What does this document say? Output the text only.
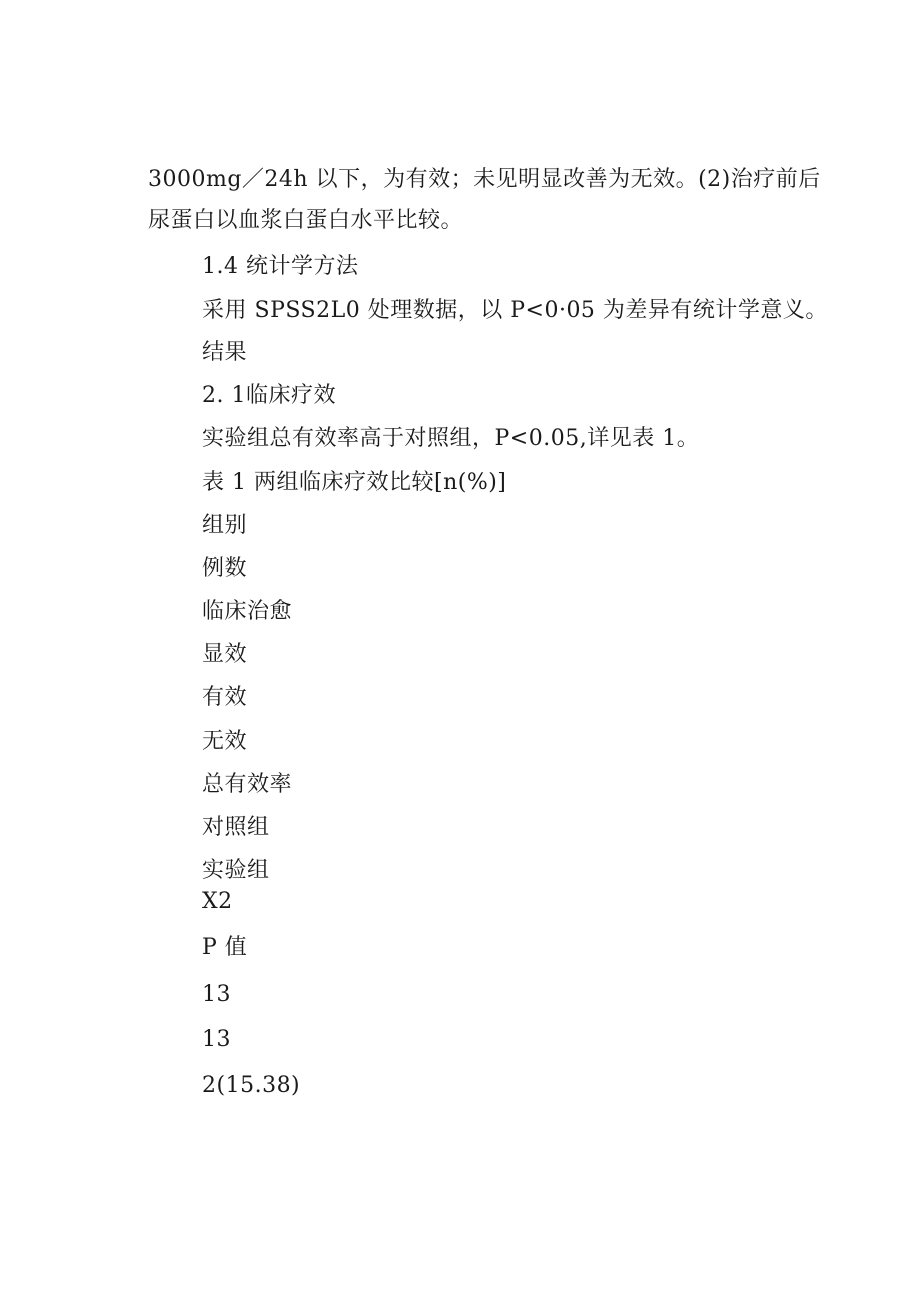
3000mg／24h 以下，为有效；未见明显改善为无效。(2)治疗前后
尿蛋白以血浆白蛋白水平比较。
1.4 统计学方法
采用 SPSS2L0 处理数据，以 P<0·05 为差异有统计学意义。
结果
2. 1临床疗效
实验组总有效率高于对照组，P<0.05,详见表 1。
表 1 两组临床疗效比较[n(%)]
组别
例数
临床治愈
显效
有效
无效
总有效率
对照组
实验组
X2
P 值
13
13
2(15.38)
